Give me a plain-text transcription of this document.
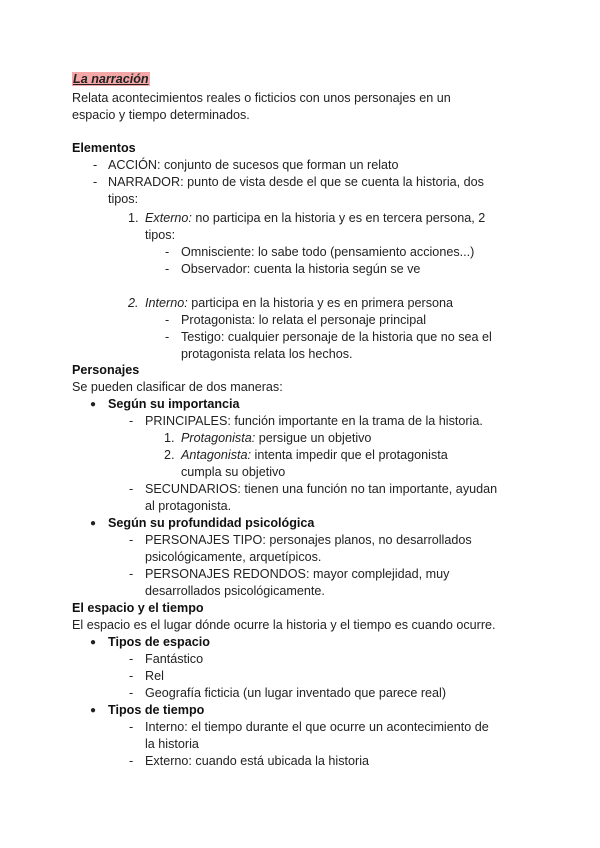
La narración
Relata acontecimientos reales o ficticios con unos personajes en un
espacio y tiempo determinados.
Elementos
- ACCIÓN: conjunto de sucesos que forman un relato
- NARRADOR: punto de vista desde el que se cuenta la historia, dos
tipos:
1. Externo: no participa en la historia y es en tercera persona, 2
tipos:
- Omnisciente: lo sabe todo (pensamiento acciones...)
- Observador: cuenta la historia según se ve
2. Interno: participa en la historia y es en primera persona
- Protagonista: lo relata el personaje principal
- Testigo: cualquier personaje de la historia que no sea el
protagonista relata los hechos.
Personajes
Se pueden clasificar de dos maneras:
● Según su importancia
- PRINCIPALES: función importante en la trama de la historia.
1. Protagonista: persigue un objetivo
2. Antagonista: intenta impedir que el protagonista
cumpla su objetivo
- SECUNDARIOS: tienen una función no tan importante, ayudan
al protagonista.
● Según su profundidad psicológica
- PERSONAJES TIPO: personajes planos, no desarrollados
psicológicamente, arquetípicos.
- PERSONAJES REDONDOS: mayor complejidad, muy
desarrollados psicológicamente.
El espacio y el tiempo
El espacio es el lugar dónde ocurre la historia y el tiempo es cuando ocurre.
● Tipos de espacio
- Fantástico
- Rel
- Geografía ficticia (un lugar inventado que parece real)
● Tipos de tiempo
- Interno: el tiempo durante el que ocurre un acontecimiento de
la historia
- Externo: cuando está ubicada la historia
